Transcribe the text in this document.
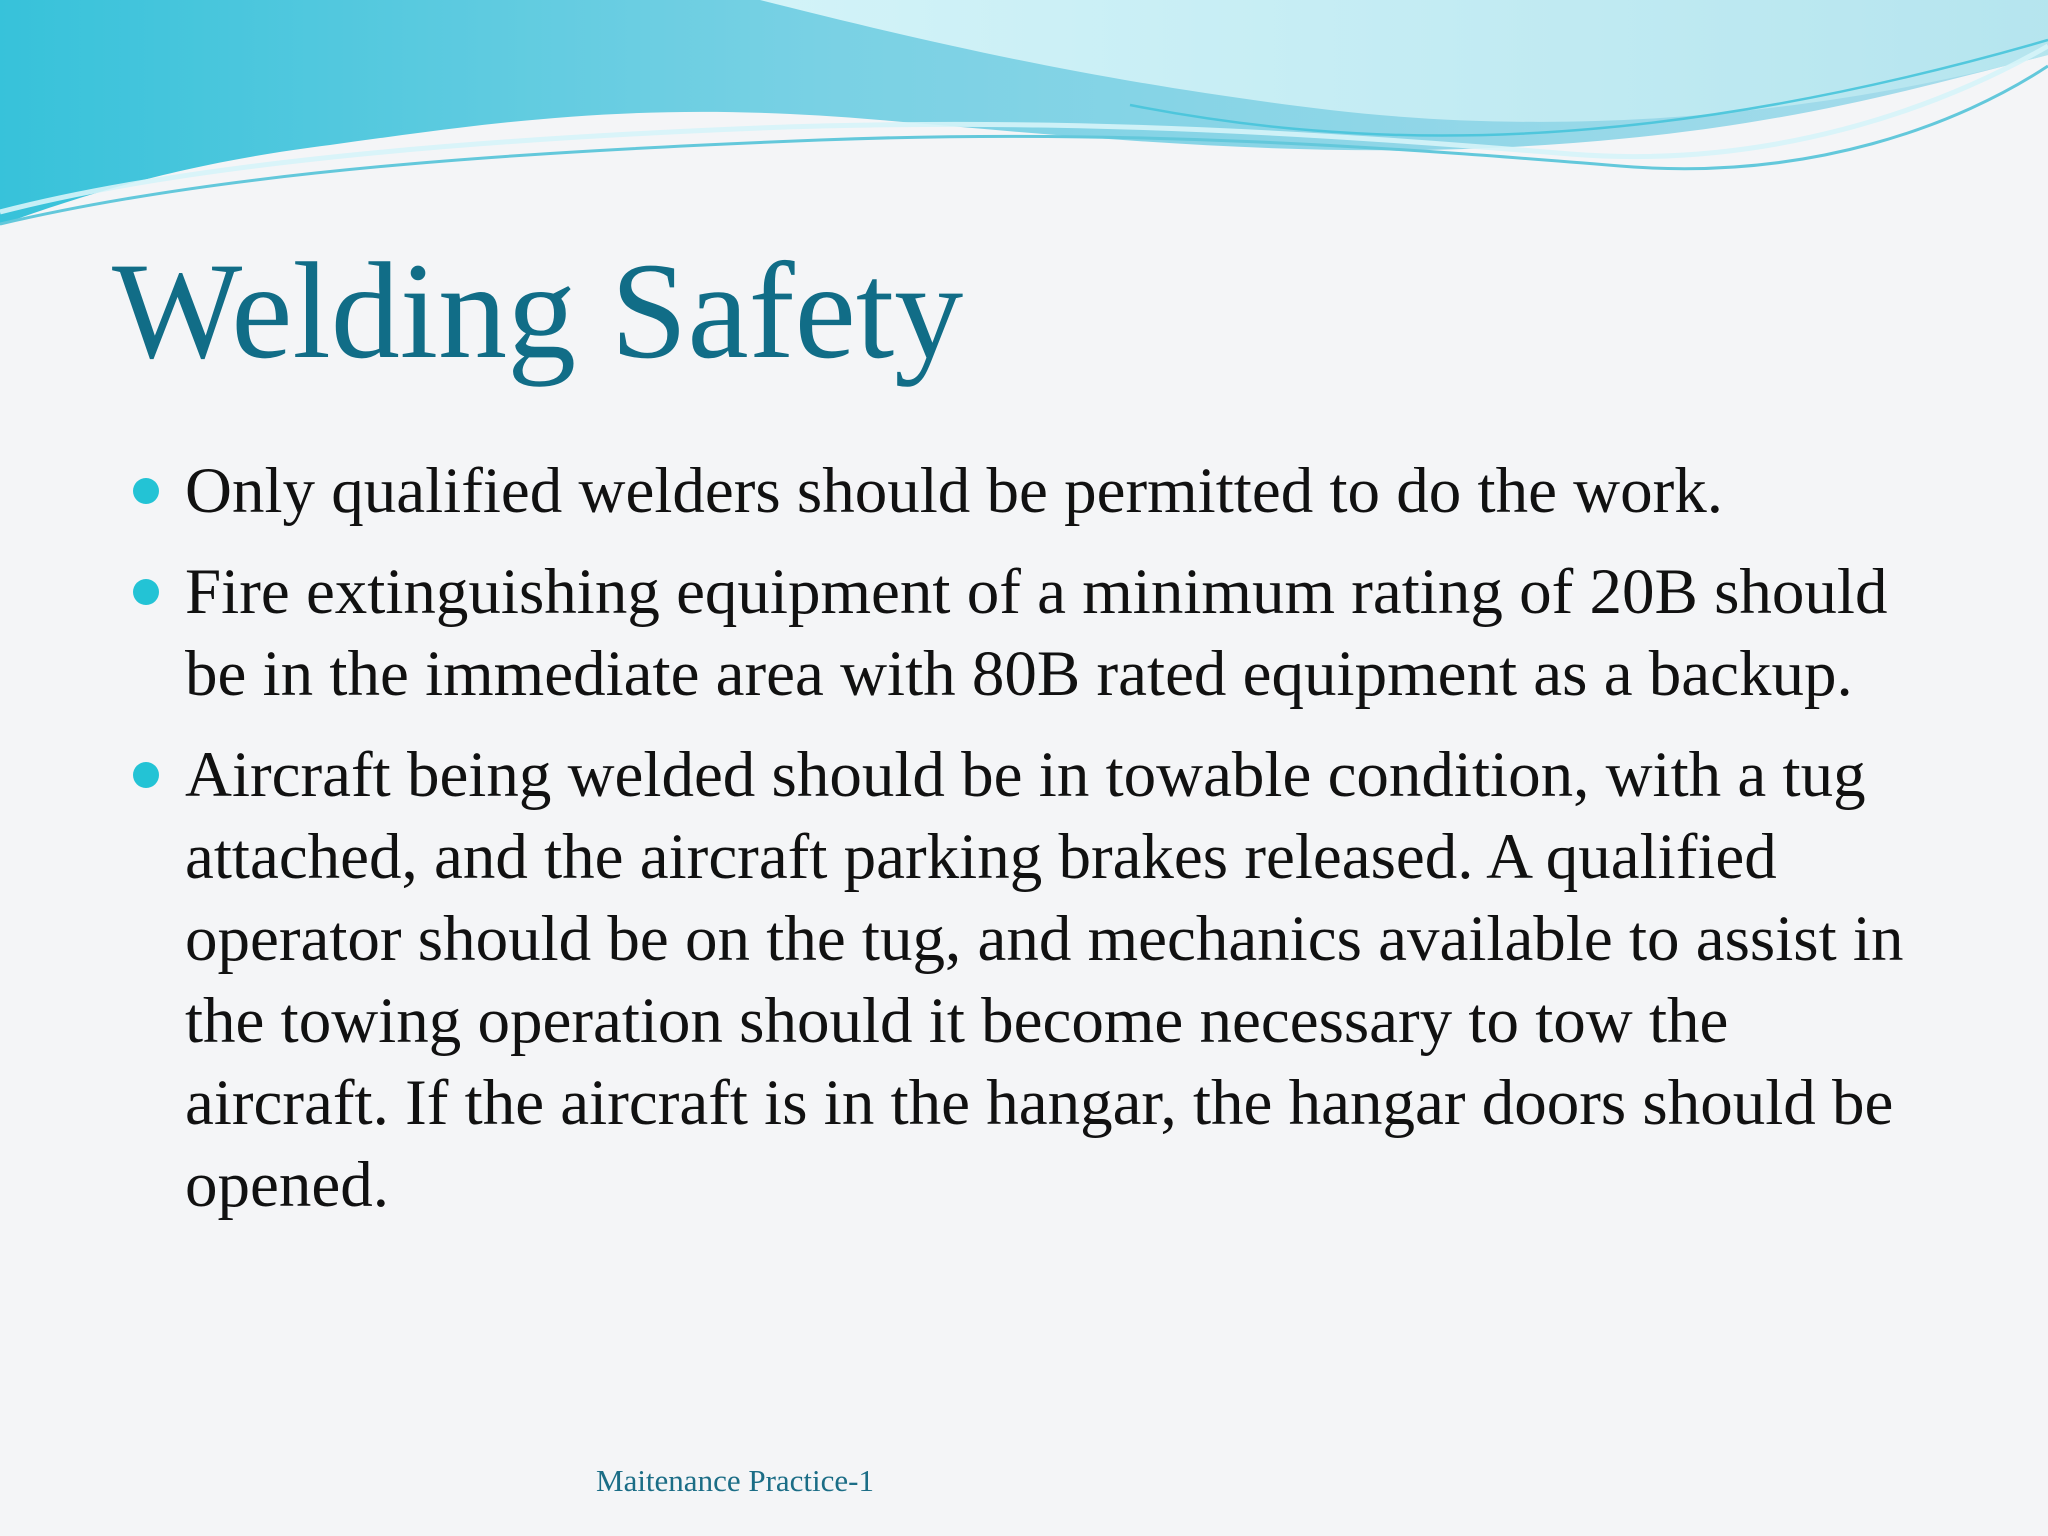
Welding Safety
Only qualified welders should be permitted to do the work.
Fire extinguishing equipment of a minimum rating of 20B should be in the immediate area with 80B rated equipment as a backup.
Aircraft being welded should be in towable condition, with a tug attached, and the aircraft parking brakes released. A qualified operator should be on the tug, and mechanics available to assist in the towing operation should it become necessary to tow the aircraft. If the aircraft is in the hangar, the hangar doors should be opened.
Maitenance Practice-1
